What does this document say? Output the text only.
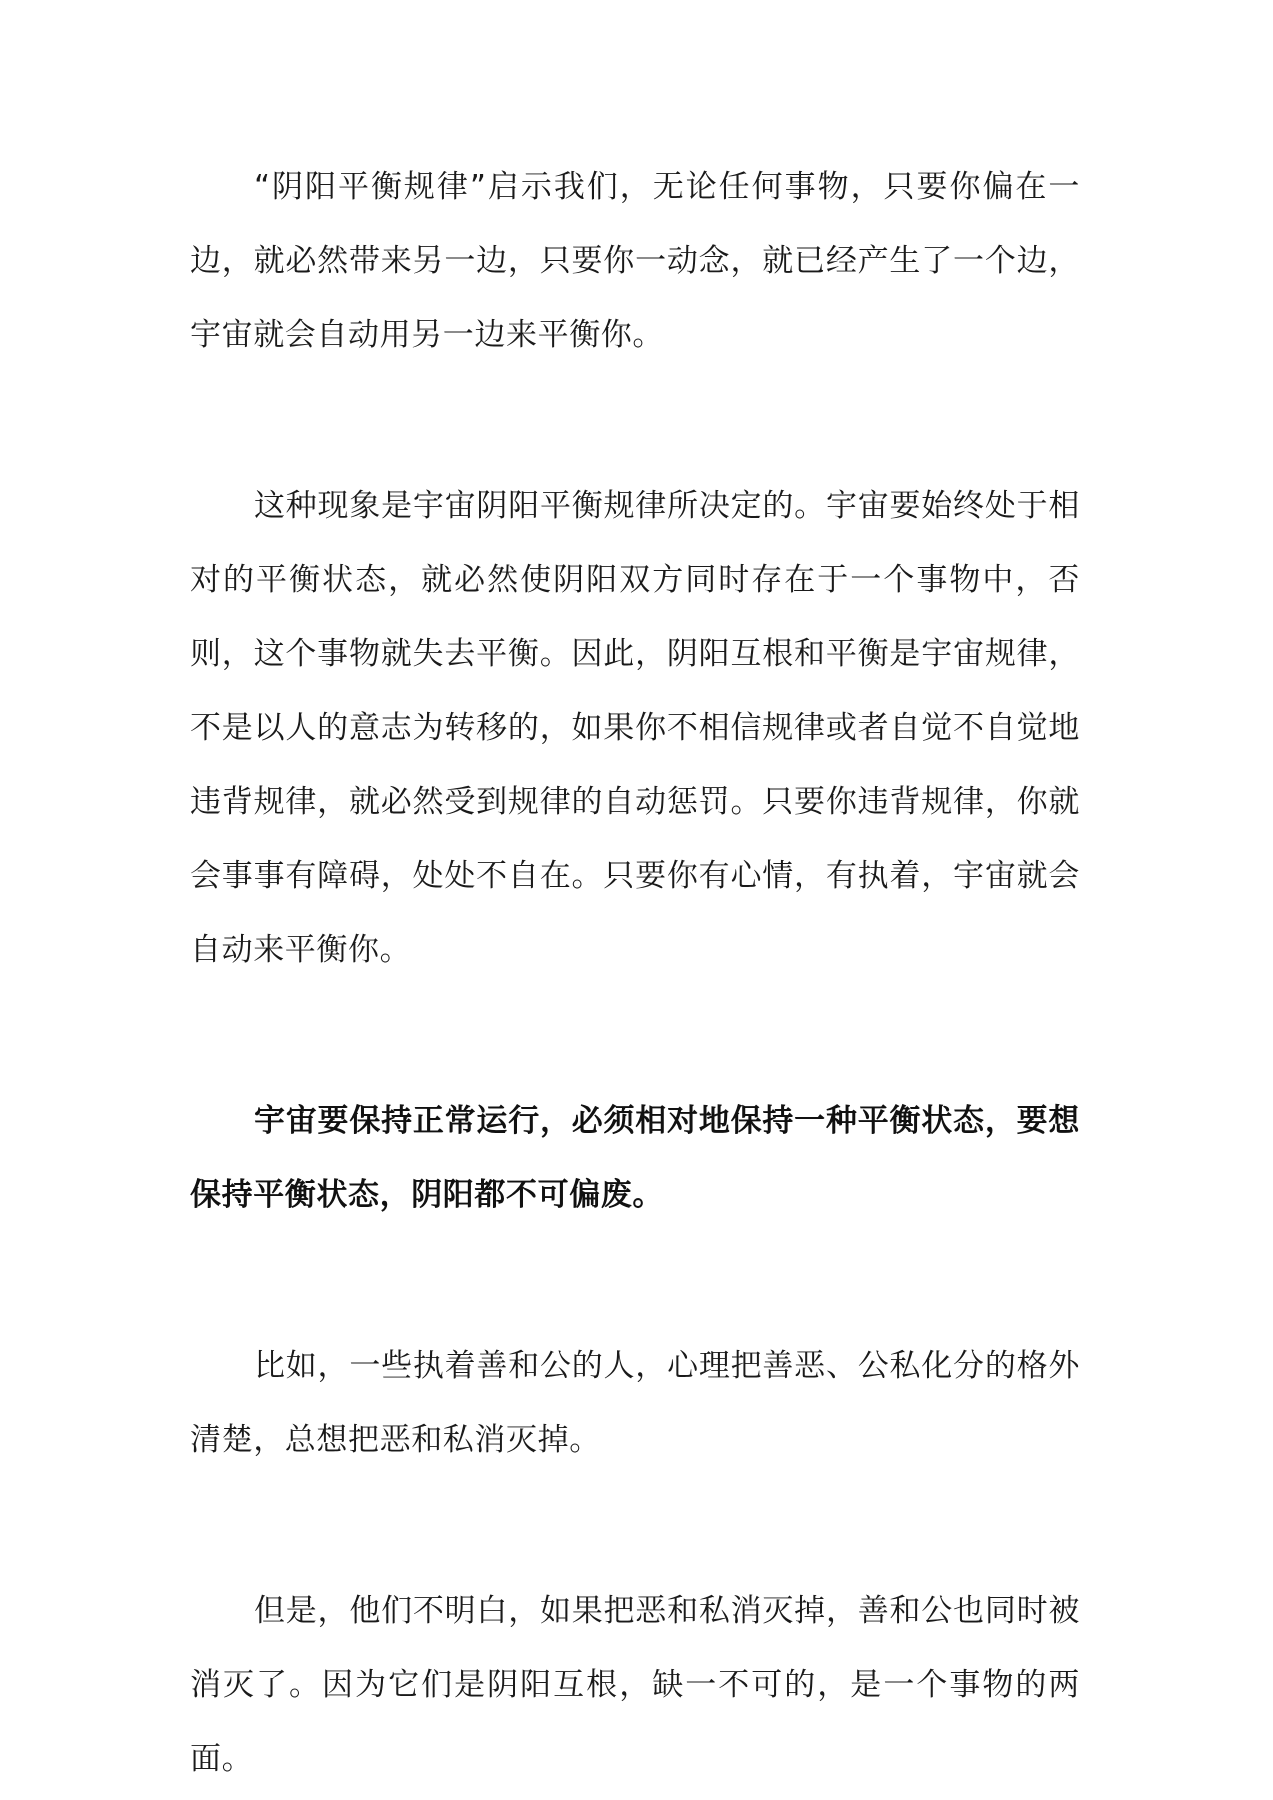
“阴阳平衡规律”启示我们，无论任何事物，只要你偏在一边，就必然带来另一边，只要你一动念，就已经产生了一个边，宇宙就会自动用另一边来平衡你。

这种现象是宇宙阴阳平衡规律所决定的。宇宙要始终处于相对的平衡状态，就必然使阴阳双方同时存在于一个事物中，否则，这个事物就失去平衡。因此，阴阳互根和平衡是宇宙规律，不是以人的意志为转移的，如果你不相信规律或者自觉不自觉地违背规律，就必然受到规律的自动惩罚。只要你违背规律，你就会事事有障碍，处处不自在。只要你有心情，有执着，宇宙就会自动来平衡你。

宇宙要保持正常运行，必须相对地保持一种平衡状态，要想保持平衡状态，阴阳都不可偏废。

比如，一些执着善和公的人，心理把善恶、公私化分的格外清楚，总想把恶和私消灭掉。

但是，他们不明白，如果把恶和私消灭掉，善和公也同时被消灭了。因为它们是阴阳互根，缺一不可的，是一个事物的两面。
